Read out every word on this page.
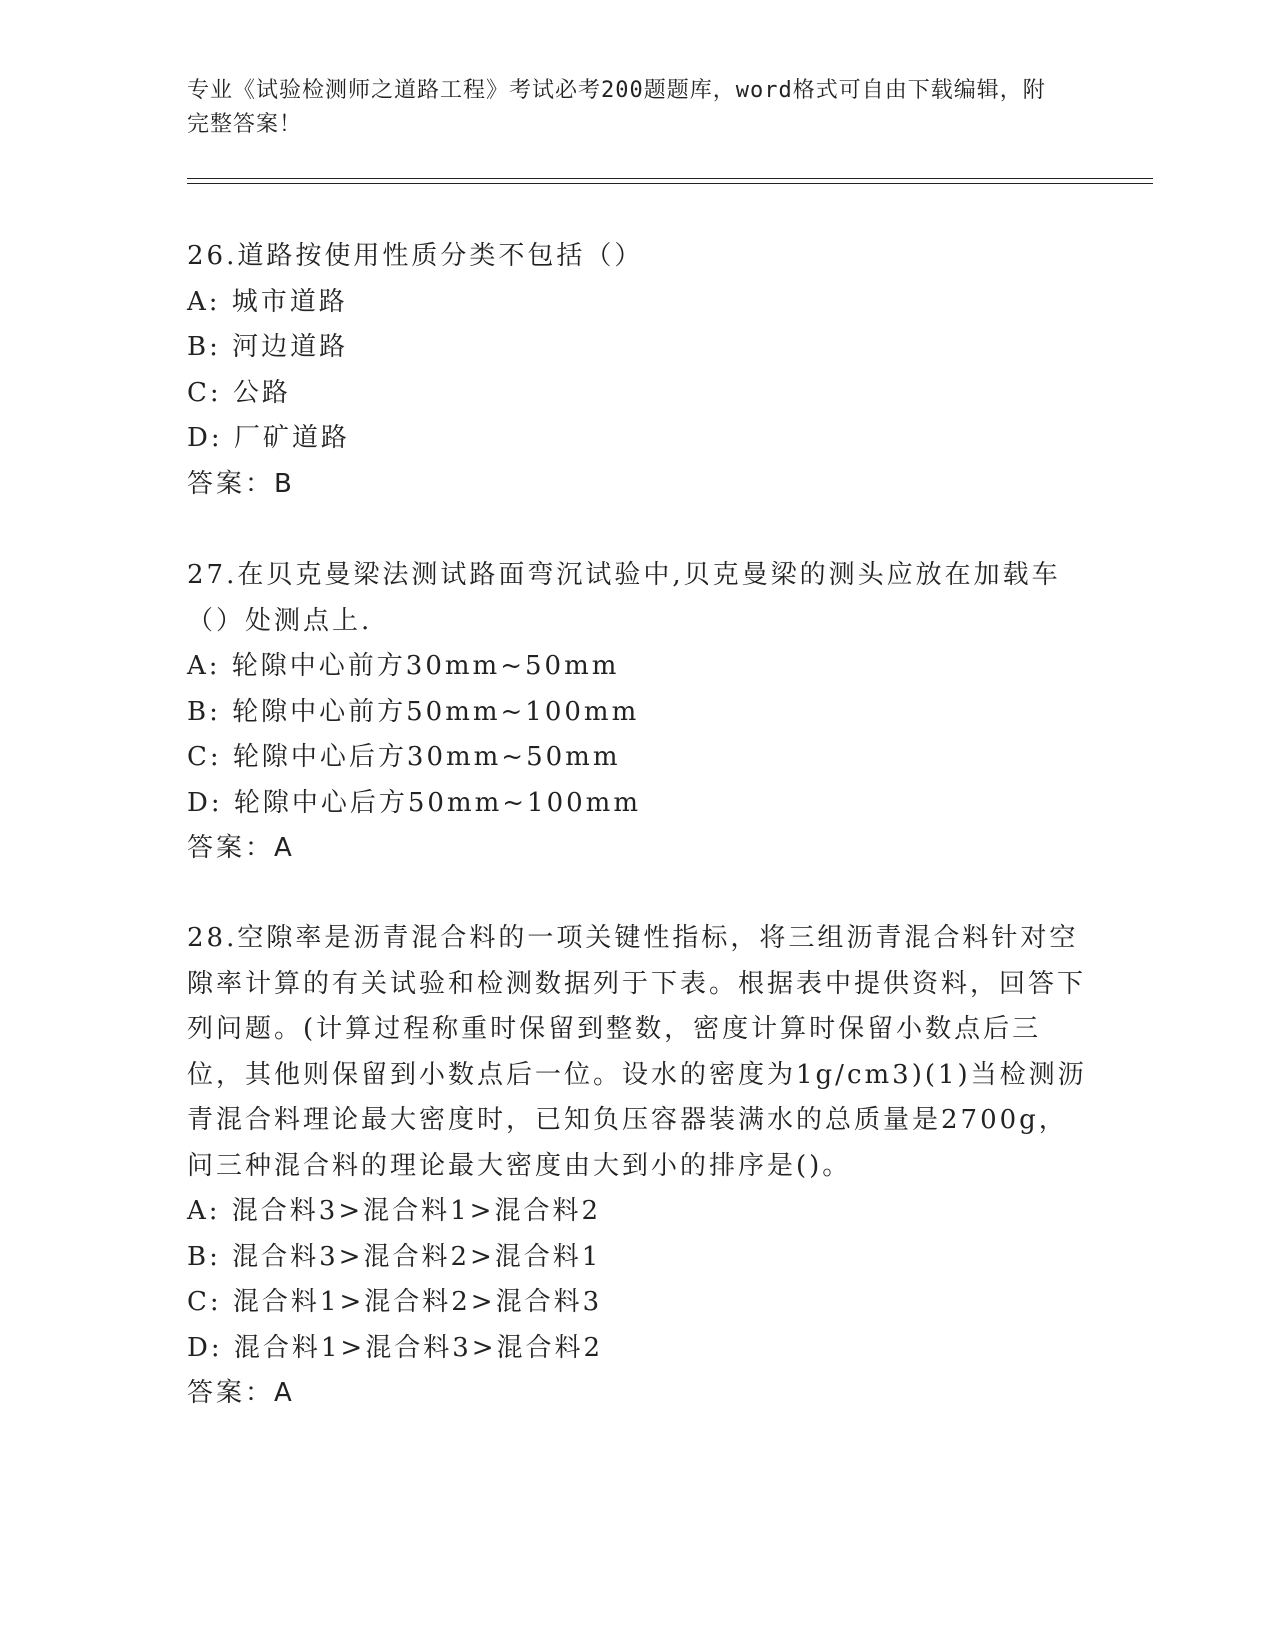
专业《试验检测师之道路工程》考试必考200题题库，word格式可自由下载编辑，附完整答案！

26.道路按使用性质分类不包括（）

A: 城市道路

B: 河边道路

C: 公路

D: 厂矿道路

答案：B

27.在贝克曼梁法测试路面弯沉试验中,贝克曼梁的测头应放在加载车（）处测点上.

A: 轮隙中心前方30mm~50mm

B: 轮隙中心前方50mm~100mm

C: 轮隙中心后方30mm~50mm

D: 轮隙中心后方50mm~100mm

答案：A

28.空隙率是沥青混合料的一项关键性指标，将三组沥青混合料针对空隙率计算的有关试验和检测数据列于下表。根据表中提供资料，回答下列问题。(计算过程称重时保留到整数，密度计算时保留小数点后三位，其他则保留到小数点后一位。设水的密度为1g/cm3)(1)当检测沥青混合料理论最大密度时，已知负压容器装满水的总质量是2700g，问三种混合料的理论最大密度由大到小的排序是()。

A: 混合料3>混合料1>混合料2

B: 混合料3>混合料2>混合料1

C: 混合料1>混合料2>混合料3

D: 混合料1>混合料3>混合料2

答案：A
